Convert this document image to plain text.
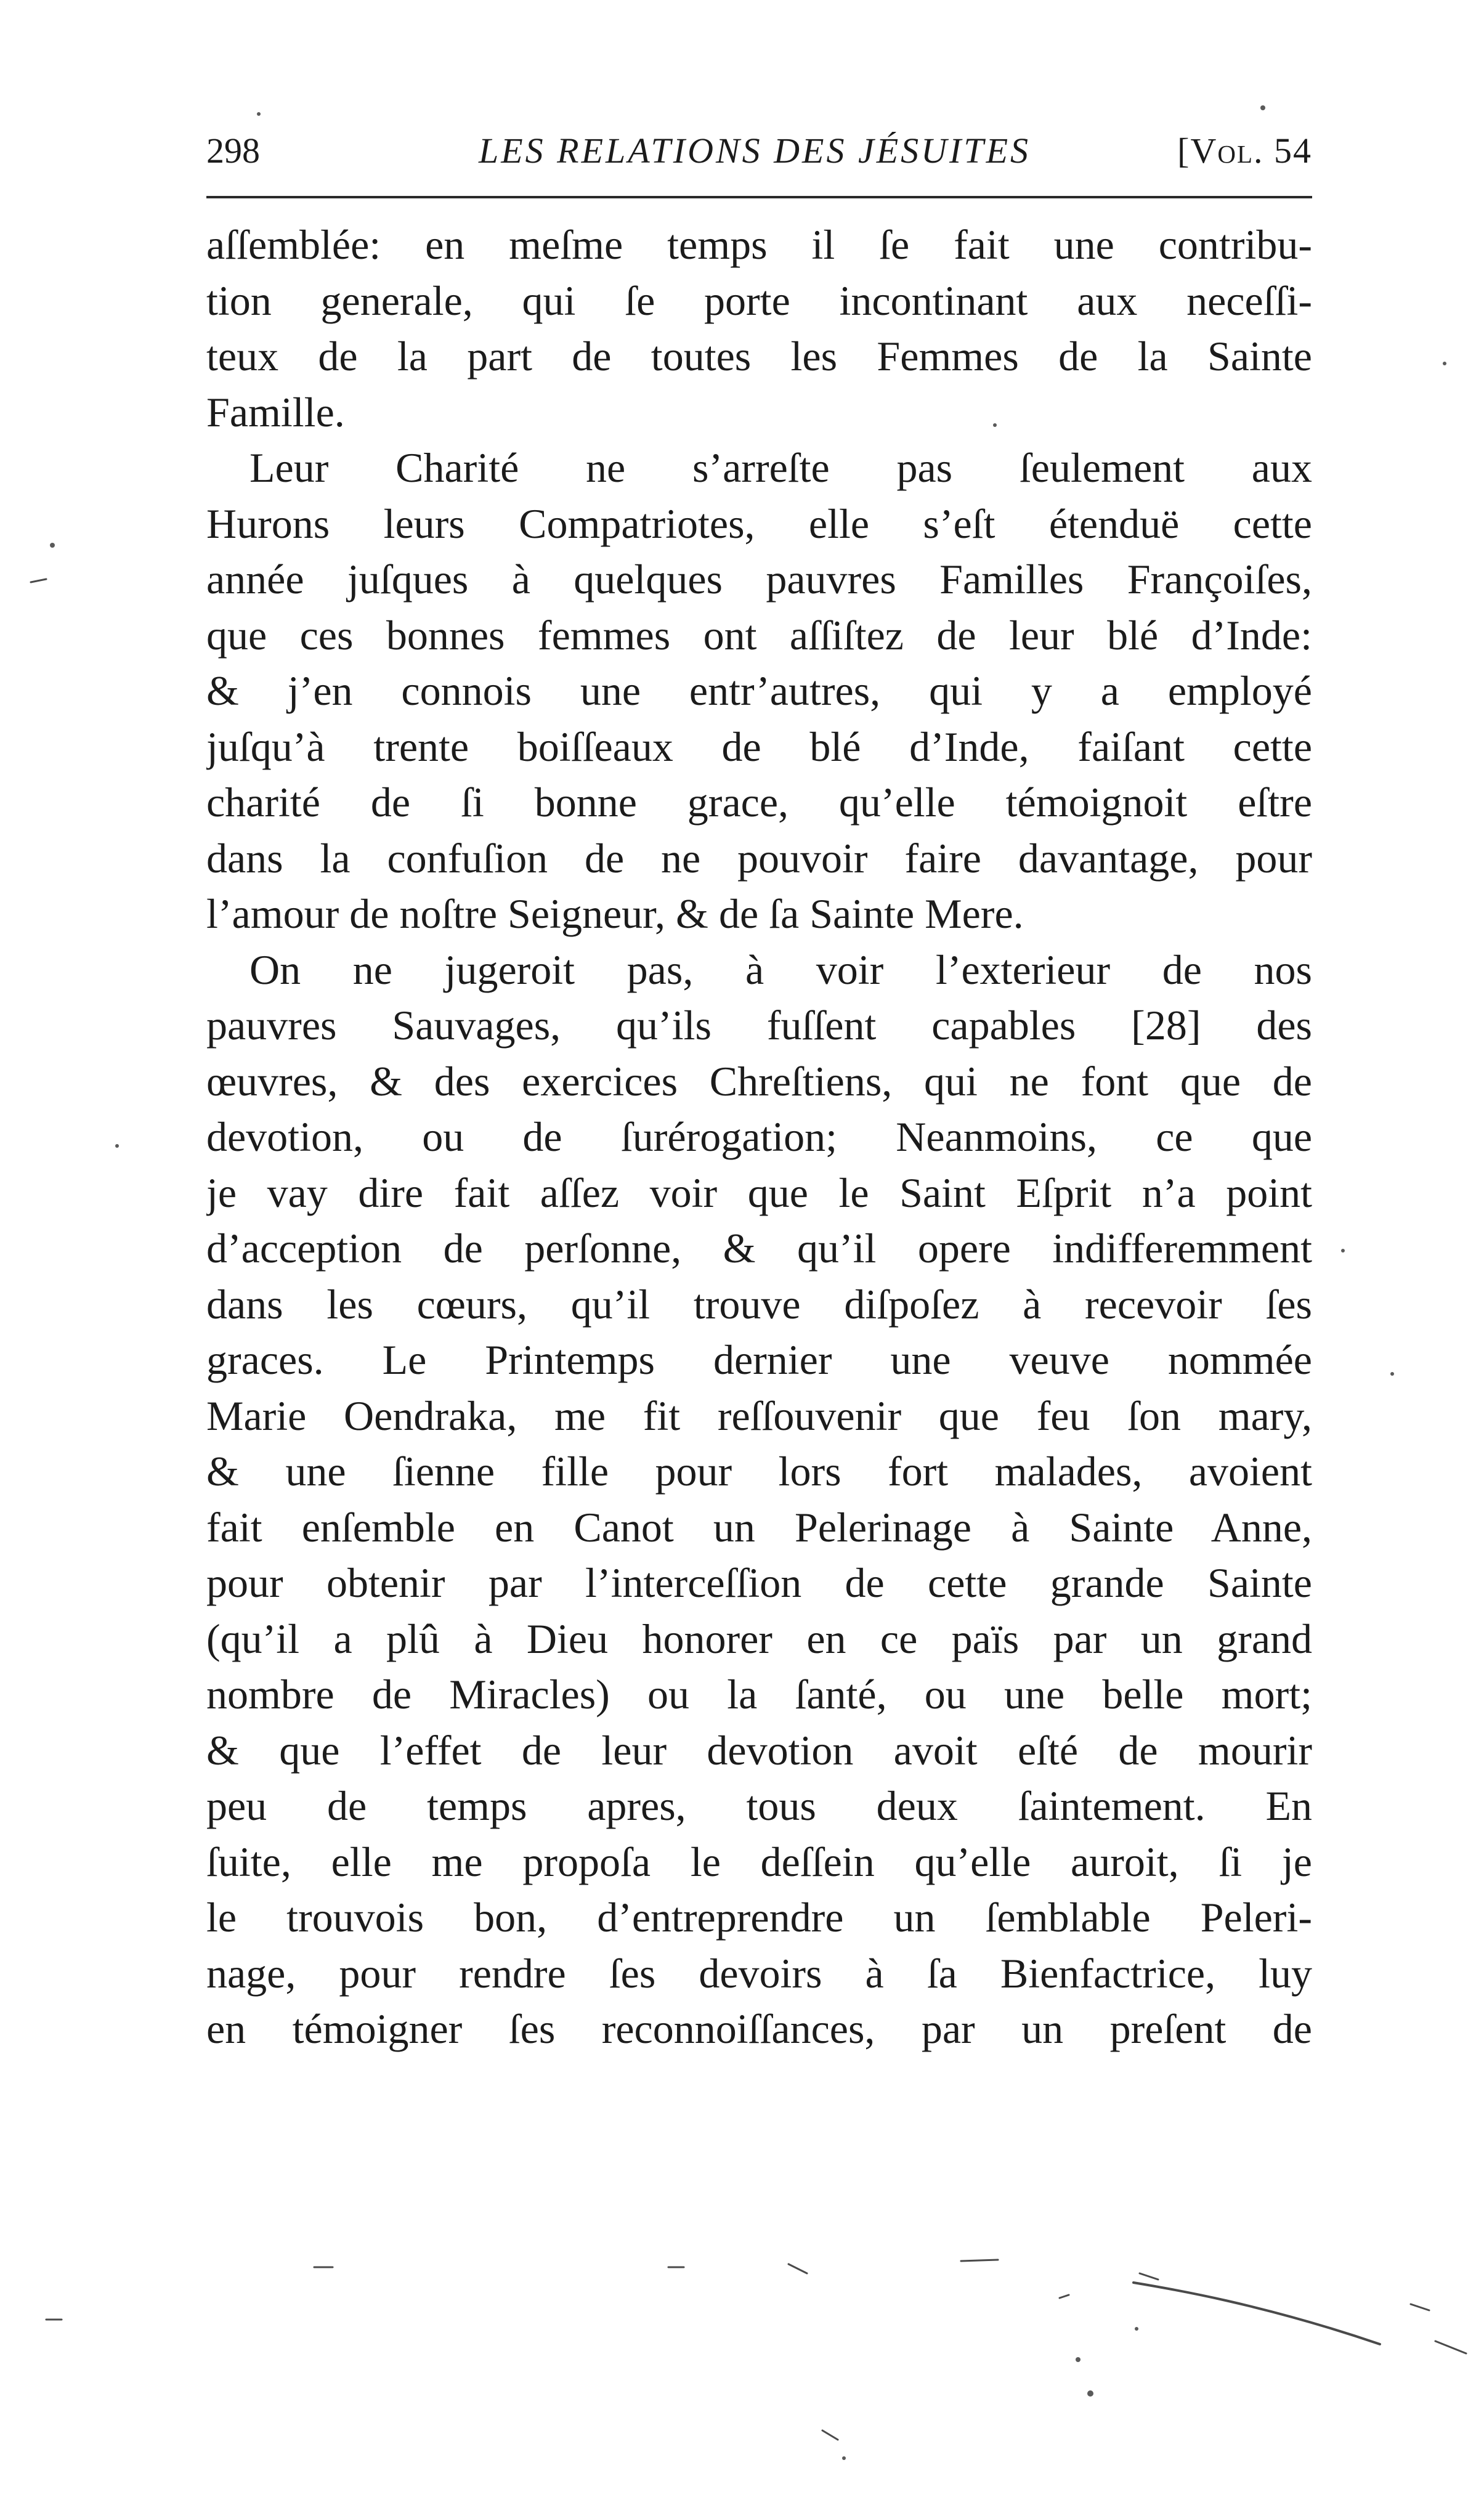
298	LES RELATIONS DES JÉSUITES	[Vol. 54
aſſemblée: en meſme temps il ſe fait une contribu-
tion generale, qui ſe porte incontinant aux neceſſi-
teux de la part de toutes les Femmes de la Sainte
Famille.
Leur Charité ne s’arreſte pas ſeulement aux
Hurons leurs Compatriotes, elle s’eſt étenduë cette
année juſques à quelques pauvres Familles Françoiſes,
que ces bonnes femmes ont aſſiſtez de leur blé d’Inde:
& j’en connois une entr’autres, qui y a employé
juſqu’à trente boiſſeaux de blé d’Inde, faiſant cette
charité de ſi bonne grace, qu’elle témoignoit eſtre
dans la confuſion de ne pouvoir faire davantage, pour
l’amour de noſtre Seigneur, & de ſa Sainte Mere.
On ne jugeroit pas, à voir l’exterieur de nos
pauvres Sauvages, qu’ils fuſſent capables [28] des
œuvres, & des exercices Chreſtiens, qui ne font que de
devotion, ou de ſurérogation; Neanmoins, ce que
je vay dire fait aſſez voir que le Saint Eſprit n’a point
d’acception de perſonne, & qu’il opere indifferemment
dans les cœurs, qu’il trouve diſpoſez à recevoir ſes
graces. Le Printemps dernier une veuve nommée
Marie Oendraka, me fit reſſouvenir que feu ſon mary,
& une ſienne fille pour lors fort malades, avoient
fait enſemble en Canot un Pelerinage à Sainte Anne,
pour obtenir par l’interceſſion de cette grande Sainte
(qu’il a plû à Dieu honorer en ce païs par un grand
nombre de Miracles) ou la ſanté, ou une belle mort;
& que l’effet de leur devotion avoit eſté de mourir
peu de temps apres, tous deux ſaintement. En
ſuite, elle me propoſa le deſſein qu’elle auroit, ſi je
le trouvois bon, d’entreprendre un ſemblable Peleri-
nage, pour rendre ſes devoirs à ſa Bienfactrice, luy
en témoigner ſes reconnoiſſances, par un preſent de
